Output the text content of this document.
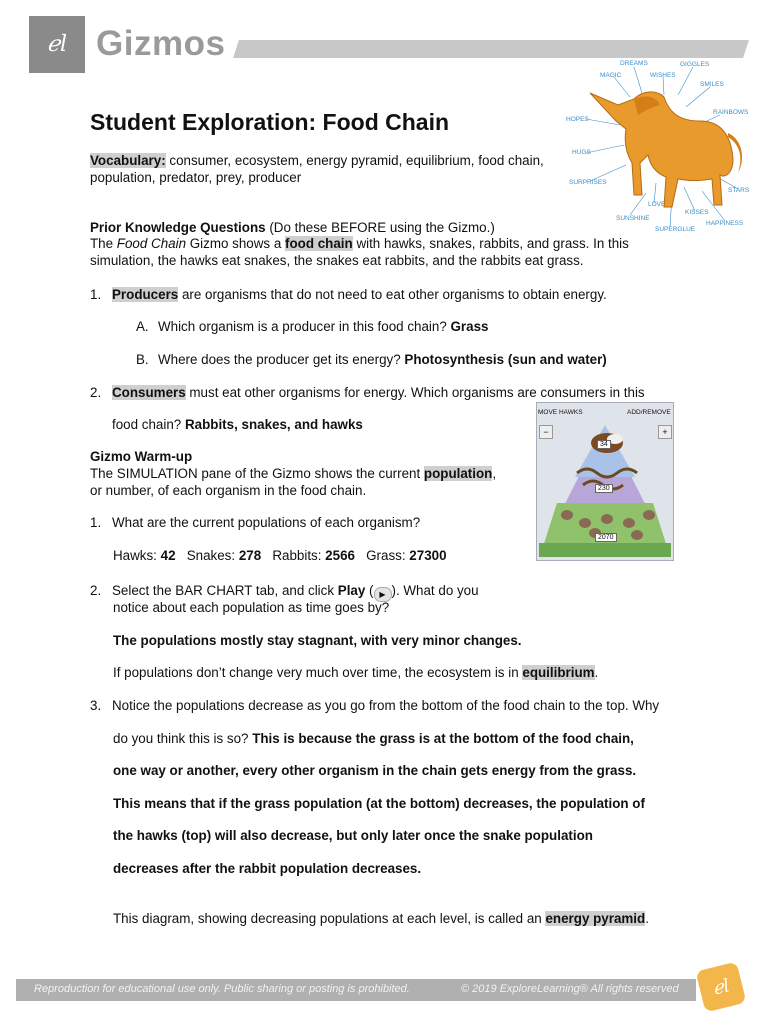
ℯl Gizmos
DREAMS	GIGGLES
MAGIC	WISHES
SMILES
RAINBOWS
HOPES
HUGS
SURPRISES
STARS
LOVE
KISSES
SUNSHINE
HAPPINESS
SUPERGLUE
Student Exploration: Food Chain
Vocabulary: consumer, ecosystem, energy pyramid, equilibrium, food chain,
population, predator, prey, producer
Prior Knowledge Questions (Do these BEFORE using the Gizmo.)
The Food Chain Gizmo shows a food chain with hawks, snakes, rabbits, and grass. In this
simulation, the hawks eat snakes, the snakes eat rabbits, and the rabbits eat grass.
1. Producers are organisms that do not need to eat other organisms to obtain energy.
A. Which organism is a producer in this food chain? Grass
B. Where does the producer get its energy? Photosynthesis (sun and water)
2. Consumers must eat other organisms for energy. Which organisms are consumers in this
food chain? Rabbits, snakes, and hawks
MOVE HAWKS	ADD/REMOVE
−	+
34
230
2070
Gizmo Warm-up
The SIMULATION pane of the Gizmo shows the current population,
or number, of each organism in the food chain.
1. What are the current populations of each organism?
Hawks: 42 Snakes: 278 Rabbits: 2566 Grass: 27300
2. Select the BAR CHART tab, and click Play ( ▶ ). What do you
notice about each population as time goes by?
The populations mostly stay stagnant, with very minor changes.
If populations don’t change very much over time, the ecosystem is in equilibrium.
3. Notice the populations decrease as you go from the bottom of the food chain to the top. Why
do you think this is so? This is because the grass is at the bottom of the food chain,
one way or another, every other organism in the chain gets energy from the grass.
This means that if the grass population (at the bottom) decreases, the population of
the hawks (top) will also decrease, but only later once the snake population
decreases after the rabbit population decreases.
This diagram, showing decreasing populations at each level, is called an energy pyramid.
Reproduction for educational use only. Public sharing or posting is prohibited.	© 2019 ExploreLearning® All rights reserved ℯl
